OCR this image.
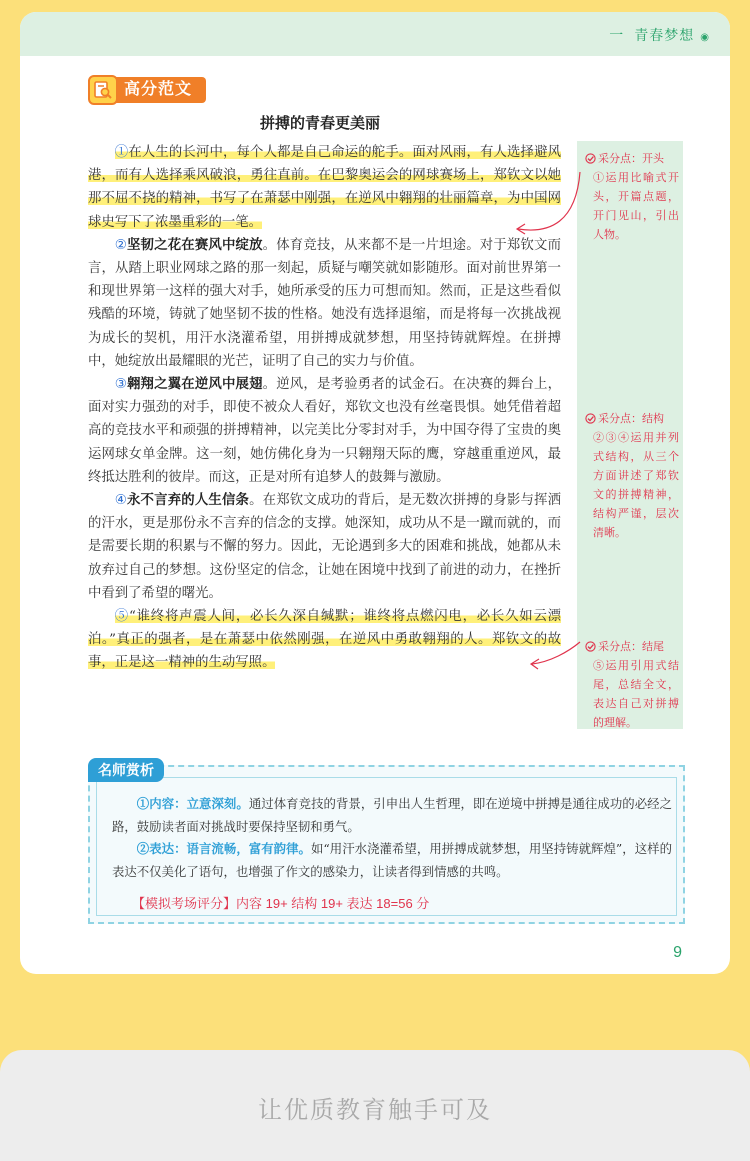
一 青春梦想 ◉
高分范文
拼搏的青春更美丽

①在人生的长河中，每个人都是自己命运的舵手。面对风雨，有人选择避风港，而有人选择乘风破浪，勇往直前。在巴黎奥运会的网球赛场上，郑钦文以她那不屈不挠的精神，书写了在萧瑟中刚强，在逆风中翱翔的壮丽篇章，为中国网球史写下了浓墨重彩的一笔。

②坚韧之花在赛风中绽放。体育竞技，从来都不是一片坦途。对于郑钦文而言，从踏上职业网球之路的那一刻起，质疑与嘲笑就如影随形。面对前世界第一和现世界第一这样的强大对手，她所承受的压力可想而知。然而，正是这些看似残酷的环境，铸就了她坚韧不拔的性格。她没有选择退缩，而是将每一次挑战视为成长的契机，用汗水浇灌希望，用拼搏成就梦想，用坚持铸就辉煌。在拼搏中，她绽放出最耀眼的光芒，证明了自己的实力与价值。

③翱翔之翼在逆风中展翅。逆风，是考验勇者的试金石。在决赛的舞台上，面对实力强劲的对手，即使不被众人看好，郑钦文也没有丝毫畏惧。她凭借着超高的竞技水平和顽强的拼搏精神，以完美比分零封对手，为中国夺得了宝贵的奥运网球女单金牌。这一刻，她仿佛化身为一只翱翔天际的鹰，穿越重重逆风，最终抵达胜利的彼岸。而这，正是对所有追梦人的鼓舞与激励。

④永不言弃的人生信条。在郑钦文成功的背后，是无数次拼搏的身影与挥洒的汗水，更是那份永不言弃的信念的支撑。她深知，成功从不是一蹴而就的，而是需要长期的积累与不懈的努力。因此，无论遇到多大的困难和挑战，她都从未放弃过自己的梦想。这份坚定的信念，让她在困境中找到了前进的动力，在挫折中看到了希望的曙光。

⑤“谁终将声震人间，必长久深自缄默；谁终将点燃闪电，必长久如云漂泊。”真正的强者，是在萧瑟中依然刚强，在逆风中勇敢翱翔的人。郑钦文的故事，正是这一精神的生动写照。

采分点：开头
①运用比喻式开头，开篇点题，开门见山，引出人物。
采分点：结构
②③④运用并列式结构，从三个方面讲述了郑钦文的拼搏精神，结构严谨，层次清晰。
采分点：结尾
⑤运用引用式结尾，总结全文，表达自己对拼搏的理解。
名师赏析

①内容：立意深刻。通过体育竞技的背景，引申出人生哲理，即在逆境中拼搏是通往成功的必经之路，鼓励读者面对挑战时要保持坚韧和勇气。

②表达：语言流畅，富有韵律。如“用汗水浇灌希望，用拼搏成就梦想，用坚持铸就辉煌”，这样的表达不仅美化了语句，也增强了作文的感染力，让读者得到情感的共鸣。

【模拟考场评分】内容 19+ 结构 19+ 表达 18=56 分
9
让优质教育触手可及
